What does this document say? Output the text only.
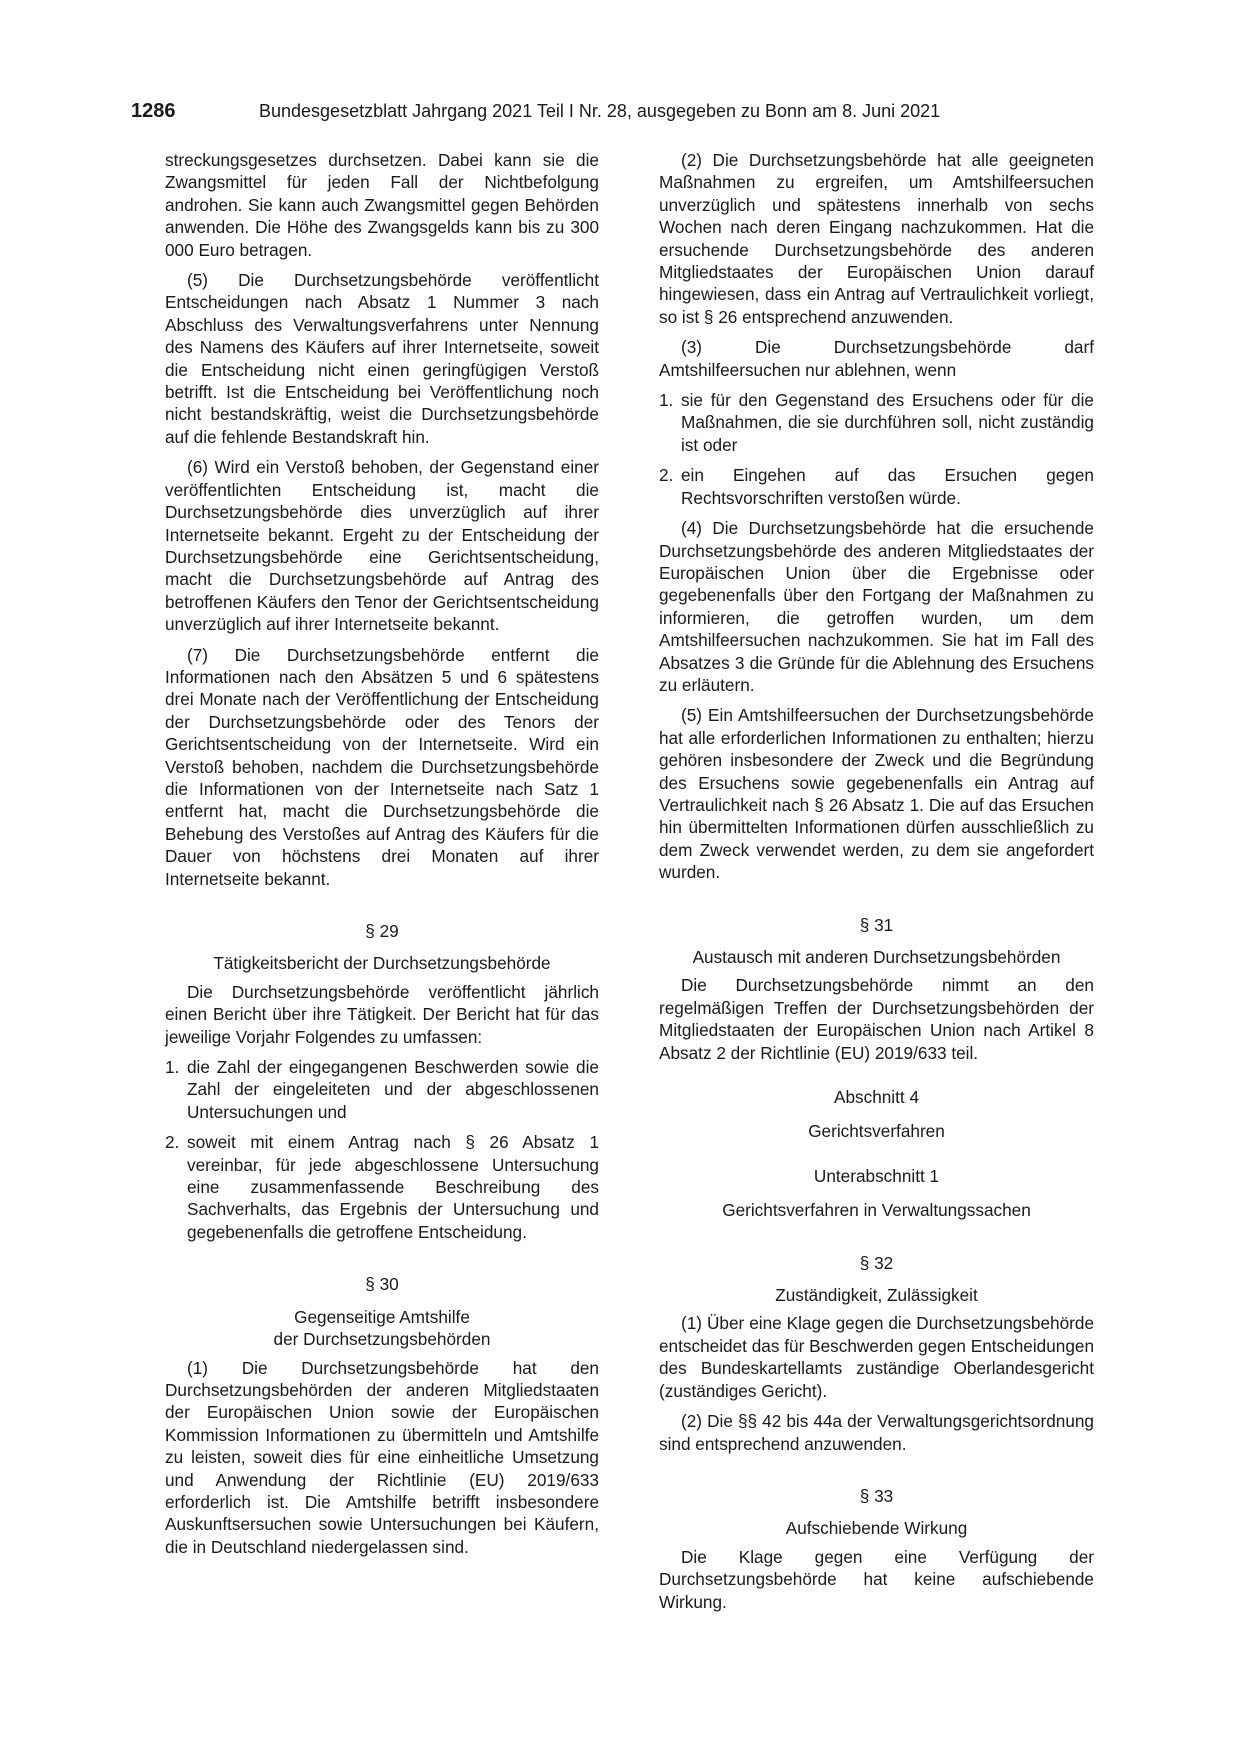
1286	Bundesgesetzblatt Jahrgang 2021 Teil I Nr. 28, ausgegeben zu Bonn am 8. Juni 2021

streckungsgesetzes durchsetzen. Dabei kann sie die Zwangsmittel für jeden Fall der Nichtbefolgung androhen. Sie kann auch Zwangsmittel gegen Behörden anwenden. Die Höhe des Zwangsgelds kann bis zu 300 000 Euro betragen.

(5) Die Durchsetzungsbehörde veröffentlicht Entscheidungen nach Absatz 1 Nummer 3 nach Abschluss des Verwaltungsverfahrens unter Nennung des Namens des Käufers auf ihrer Internetseite, soweit die Entscheidung nicht einen geringfügigen Verstoß betrifft. Ist die Entscheidung bei Veröffentlichung noch nicht bestandskräftig, weist die Durchsetzungsbehörde auf die fehlende Bestandskraft hin.

(6) Wird ein Verstoß behoben, der Gegenstand einer veröffentlichten Entscheidung ist, macht die Durchsetzungsbehörde dies unverzüglich auf ihrer Internetseite bekannt. Ergeht zu der Entscheidung der Durchsetzungsbehörde eine Gerichtsentscheidung, macht die Durchsetzungsbehörde auf Antrag des betroffenen Käufers den Tenor der Gerichtsentscheidung unverzüglich auf ihrer Internetseite bekannt.

(7) Die Durchsetzungsbehörde entfernt die Informationen nach den Absätzen 5 und 6 spätestens drei Monate nach der Veröffentlichung der Entscheidung der Durchsetzungsbehörde oder des Tenors der Gerichtsentscheidung von der Internetseite. Wird ein Verstoß behoben, nachdem die Durchsetzungsbehörde die Informationen von der Internetseite nach Satz 1 entfernt hat, macht die Durchsetzungsbehörde die Behebung des Verstoßes auf Antrag des Käufers für die Dauer von höchstens drei Monaten auf ihrer Internetseite bekannt.

§ 29
Tätigkeitsbericht der Durchsetzungsbehörde

Die Durchsetzungsbehörde veröffentlicht jährlich einen Bericht über ihre Tätigkeit. Der Bericht hat für das jeweilige Vorjahr Folgendes zu umfassen:

1. die Zahl der eingegangenen Beschwerden sowie die Zahl der eingeleiteten und der abgeschlossenen Untersuchungen und
2. soweit mit einem Antrag nach § 26 Absatz 1 vereinbar, für jede abgeschlossene Untersuchung eine zusammenfassende Beschreibung des Sachverhalts, das Ergebnis der Untersuchung und gegebenenfalls die getroffene Entscheidung.
§ 30
Gegenseitige Amtshilfe
der Durchsetzungsbehörden

(1) Die Durchsetzungsbehörde hat den Durchsetzungsbehörden der anderen Mitgliedstaaten der Europäischen Union sowie der Europäischen Kommission Informationen zu übermitteln und Amtshilfe zu leisten, soweit dies für eine einheitliche Umsetzung und Anwendung der Richtlinie (EU) 2019/633 erforderlich ist. Die Amtshilfe betrifft insbesondere Auskunftsersuchen sowie Untersuchungen bei Käufern, die in Deutschland niedergelassen sind.

(2) Die Durchsetzungsbehörde hat alle geeigneten Maßnahmen zu ergreifen, um Amtshilfeersuchen unverzüglich und spätestens innerhalb von sechs Wochen nach deren Eingang nachzukommen. Hat die ersuchende Durchsetzungsbehörde des anderen Mitgliedstaates der Europäischen Union darauf hingewiesen, dass ein Antrag auf Vertraulichkeit vorliegt, so ist § 26 entsprechend anzuwenden.

(3) Die Durchsetzungsbehörde darf Amtshilfeersuchen nur ablehnen, wenn

1. sie für den Gegenstand des Ersuchens oder für die Maßnahmen, die sie durchführen soll, nicht zuständig ist oder
2. ein Eingehen auf das Ersuchen gegen Rechtsvorschriften verstoßen würde.

(4) Die Durchsetzungsbehörde hat die ersuchende Durchsetzungsbehörde des anderen Mitgliedstaates der Europäischen Union über die Ergebnisse oder gegebenenfalls über den Fortgang der Maßnahmen zu informieren, die getroffen wurden, um dem Amtshilfeersuchen nachzukommen. Sie hat im Fall des Absatzes 3 die Gründe für die Ablehnung des Ersuchens zu erläutern.

(5) Ein Amtshilfeersuchen der Durchsetzungsbehörde hat alle erforderlichen Informationen zu enthalten; hierzu gehören insbesondere der Zweck und die Begründung des Ersuchens sowie gegebenenfalls ein Antrag auf Vertraulichkeit nach § 26 Absatz 1. Die auf das Ersuchen hin übermittelten Informationen dürfen ausschließlich zu dem Zweck verwendet werden, zu dem sie angefordert wurden.

§ 31
Austausch mit anderen Durchsetzungsbehörden

Die Durchsetzungsbehörde nimmt an den regelmäßigen Treffen der Durchsetzungsbehörden der Mitgliedstaaten der Europäischen Union nach Artikel 8 Absatz 2 der Richtlinie (EU) 2019/633 teil.

Abschnitt 4
Gerichtsverfahren
Unterabschnitt 1
Gerichtsverfahren in Verwaltungssachen
§ 32
Zuständigkeit, Zulässigkeit

(1) Über eine Klage gegen die Durchsetzungsbehörde entscheidet das für Beschwerden gegen Entscheidungen des Bundeskartellamts zuständige Oberlandesgericht (zuständiges Gericht).

(2) Die §§ 42 bis 44a der Verwaltungsgerichtsordnung sind entsprechend anzuwenden.

§ 33
Aufschiebende Wirkung

Die Klage gegen eine Verfügung der Durchsetzungsbehörde hat keine aufschiebende Wirkung.
